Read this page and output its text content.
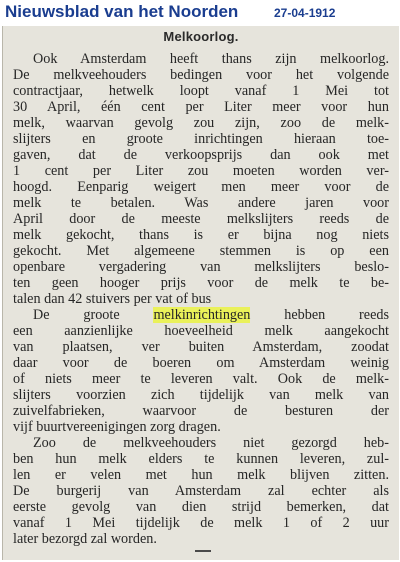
Nieuwsblad van het Noorden	27-04-1912
Melkoorlog.
Ook Amsterdam heeft thans zijn melkoorlog.
De melkveehouders bedingen voor het volgende
contractjaar, hetwelk loopt vanaf 1 Mei tot
30 April, één cent per Liter meer voor hun
melk, waarvan gevolg zou zijn, zoo de melk-
slijters en groote inrichtingen hieraan toe-
gaven, dat de verkoopsprijs dan ook met
1 cent per Liter zou moeten worden ver-
hoogd. Eenparig weigert men meer voor de
melk te betalen. Was andere jaren voor
April door de meeste melkslijters reeds de
melk gekocht, thans is er bijna nog niets
gekocht. Met algemeene stemmen is op een
openbare vergadering van melkslijters beslo-
ten geen hooger prijs voor de melk te be-
talen dan 42 stuivers per vat of bus
De groote melkinrichtingen hebben reeds
een aanzienlijke hoeveelheid melk aangekocht
van plaatsen, ver buiten Amsterdam, zoodat
daar voor de boeren om Amsterdam weinig
of niets meer te leveren valt. Ook de melk-
slijters voorzien zich tijdelijk van melk van
zuivelfabrieken, waarvoor de besturen der
vijf buurtvereenigingen zorg dragen.
Zoo de melkveehouders niet gezorgd heb-
ben hun melk elders te kunnen leveren, zul-
len er velen met hun melk blijven zitten.
De burgerij van Amsterdam zal echter als
eerste gevolg van dien strijd bemerken, dat
vanaf 1 Mei tijdelijk de melk 1 of 2 uur
later bezorgd zal worden.
